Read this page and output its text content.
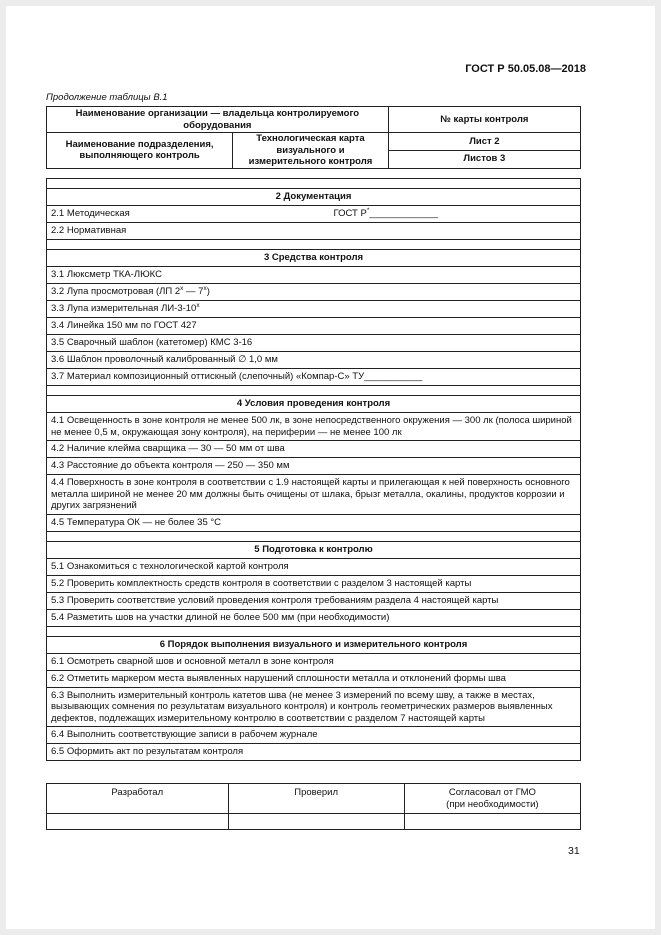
ГОСТ Р 50.05.08—2018
Продолжение таблицы В.1
Наименование организации — владельца контролируемого оборудования	№ карты контроля

Наименование подразделения, выполняющего контроль	Технологическая карта визуального и измерительного контроля
	Лист 2
Листов 3

2 Документация
2.1 Методическая	ГОСТ Р*_____________
2.2 Нормативная

3 Средства контроля
3.1 Люксметр ТКА-ЛЮКС
3.2 Лупа просмотровая (ЛП $2^х$ — $7^х$)
3.3 Лупа измерительная $ЛИ-3-10^х$
3.4 Линейка 150 мм по ГОСТ 427
3.5 Сварочный шаблон (катетомер) КМС 3-16
3.6 Шаблон проволочный калиброванный ∅ 1,0 мм
3.7 Материал композиционный оттискный (слепочный) «Компар-С» ТУ___________

4 Условия проведения контроля
4.1 Освещенность в зоне контроля не менее 500 лк, в зоне непосредственного окружения — 300 лк (полоса шириной не менее 0,5 м, окружающая зону контроля), на периферии — не менее 100 лк
4.2 Наличие клейма сварщика — 30 — 50 мм от шва
4.3 Расстояние до объекта контроля — 250 — 350 мм
4.4 Поверхность в зоне контроля в соответствии с 1.9 настоящей карты и прилегающая к ней поверхность основного металла шириной не менее 20 мм должны быть очищены от шлака, брызг металла, окалины, продуктов коррозии и других загрязнений
4.5 Температура ОК — не более 35 °С

5 Подготовка к контролю
5.1 Ознакомиться с технологической картой контроля
5.2 Проверить комплектность средств контроля в соответствии с разделом 3 настоящей карты
5.3 Проверить соответствие условий проведения контроля требованиям раздела 4 настоящей карты
5.4 Разметить шов на участки длиной не более 500 мм (при необходимости)

6 Порядок выполнения визуального и измерительного контроля
6.1 Осмотреть сварной шов и основной металл в зоне контроля
6.2 Отметить маркером места выявленных нарушений сплошности металла и отклонений формы шва
6.3 Выполнить измерительный контроль катетов шва (не менее 3 измерений по всему шву, а также в местах, вызывающих сомнения по результатам визуального контроля) и контроль геометрических размеров выявленных дефектов, подлежащих измерительному контролю в соответствии с разделом 7 настоящей карты
6.4 Выполнить соответствующие записи в рабочем журнале
6.5 Оформить акт по результатам контроля
Разработал	Проверил	Согласовал от ГМО
(при необходимости)

31
